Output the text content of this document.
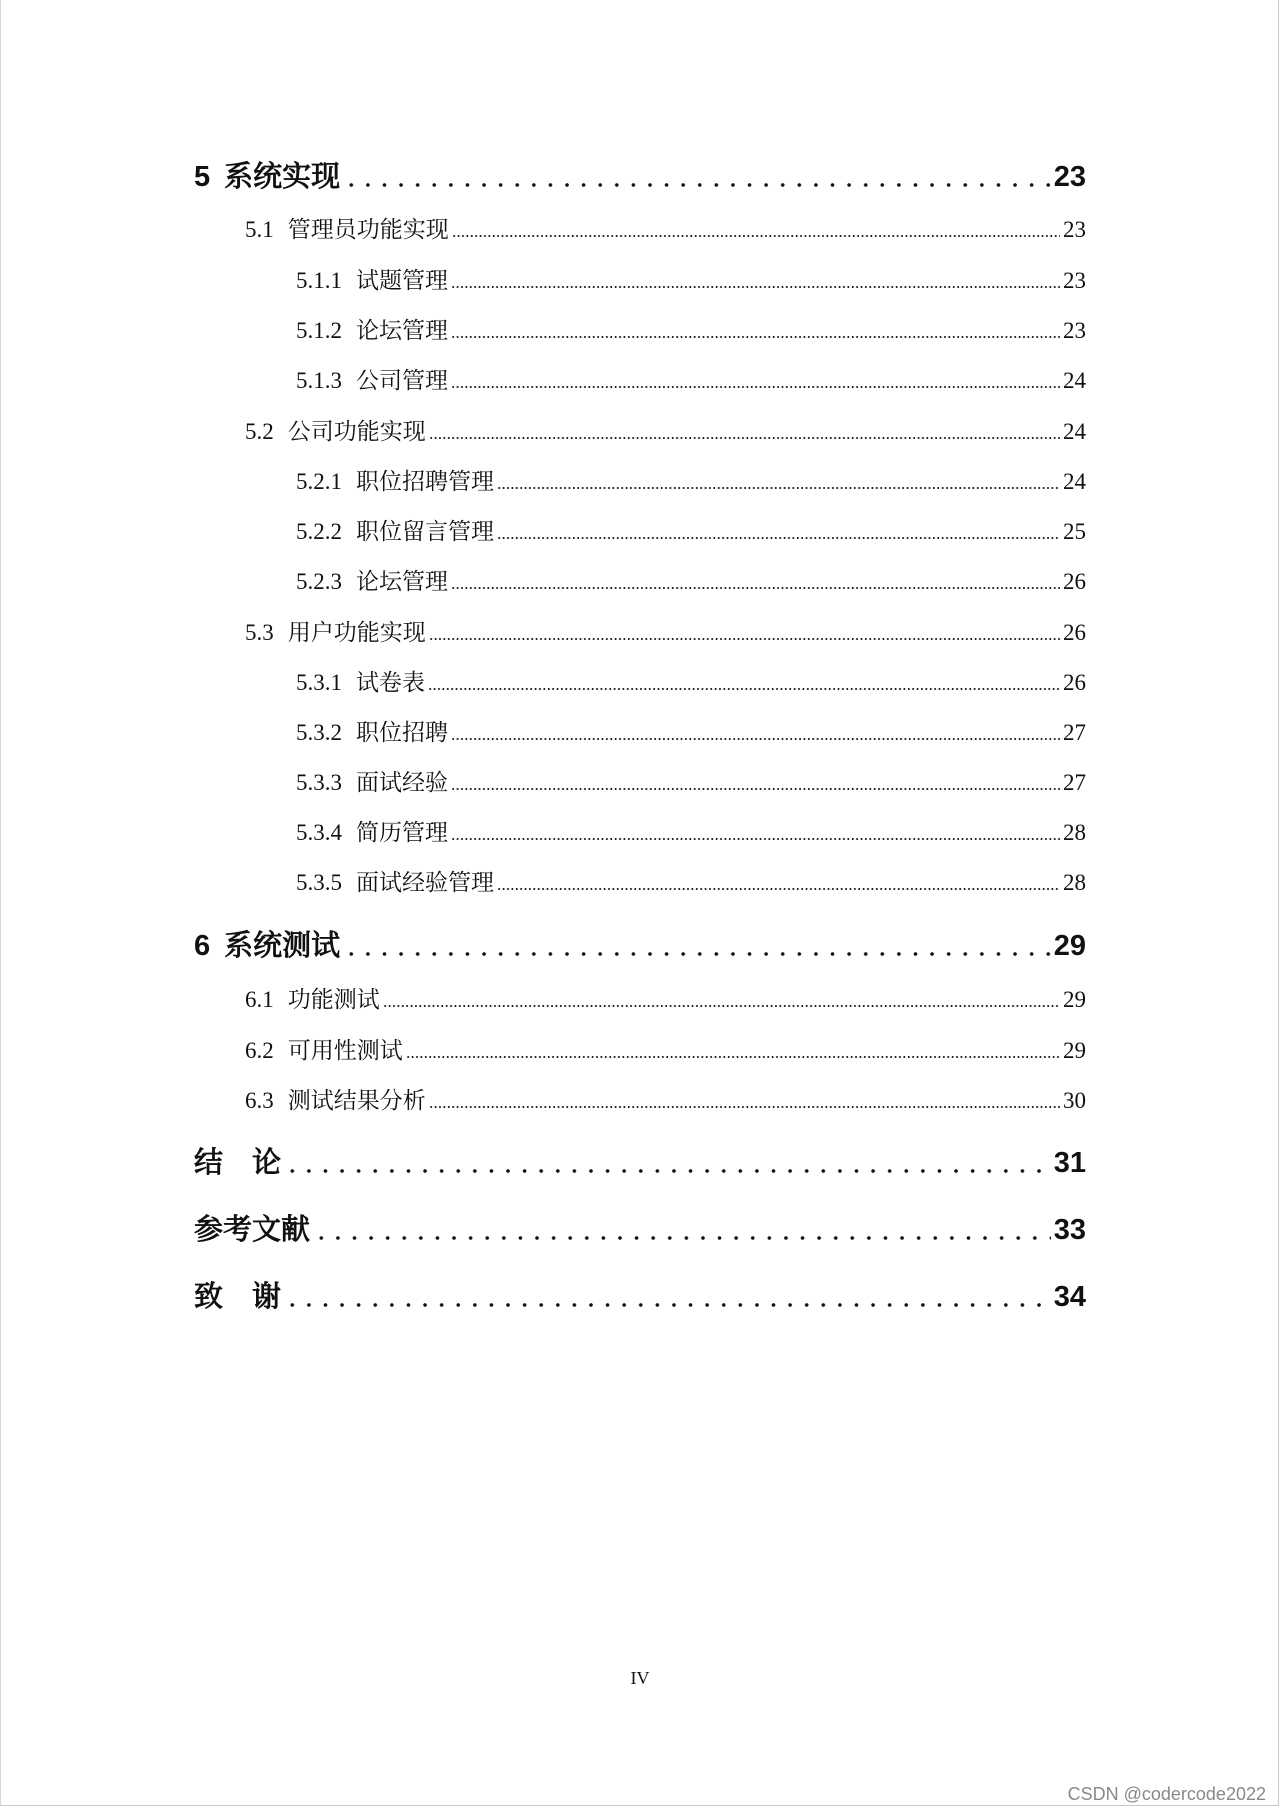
5 系统实现	23
5.1 管理员功能实现	23
5.1.1 试题管理	23
5.1.2 论坛管理	23
5.1.3 公司管理	24
5.2 公司功能实现	24
5.2.1 职位招聘管理	24
5.2.2 职位留言管理	25
5.2.3 论坛管理	26
5.3 用户功能实现	26
5.3.1 试卷表	26
5.3.2 职位招聘	27
5.3.3 面试经验	27
5.3.4 简历管理	28
5.3.5 面试经验管理	28
6 系统测试	29
6.1 功能测试	29
6.2 可用性测试	29
6.3 测试结果分析	30
结　论	31
参考文献	33
致　谢	34
IV
CSDN @codercode2022
